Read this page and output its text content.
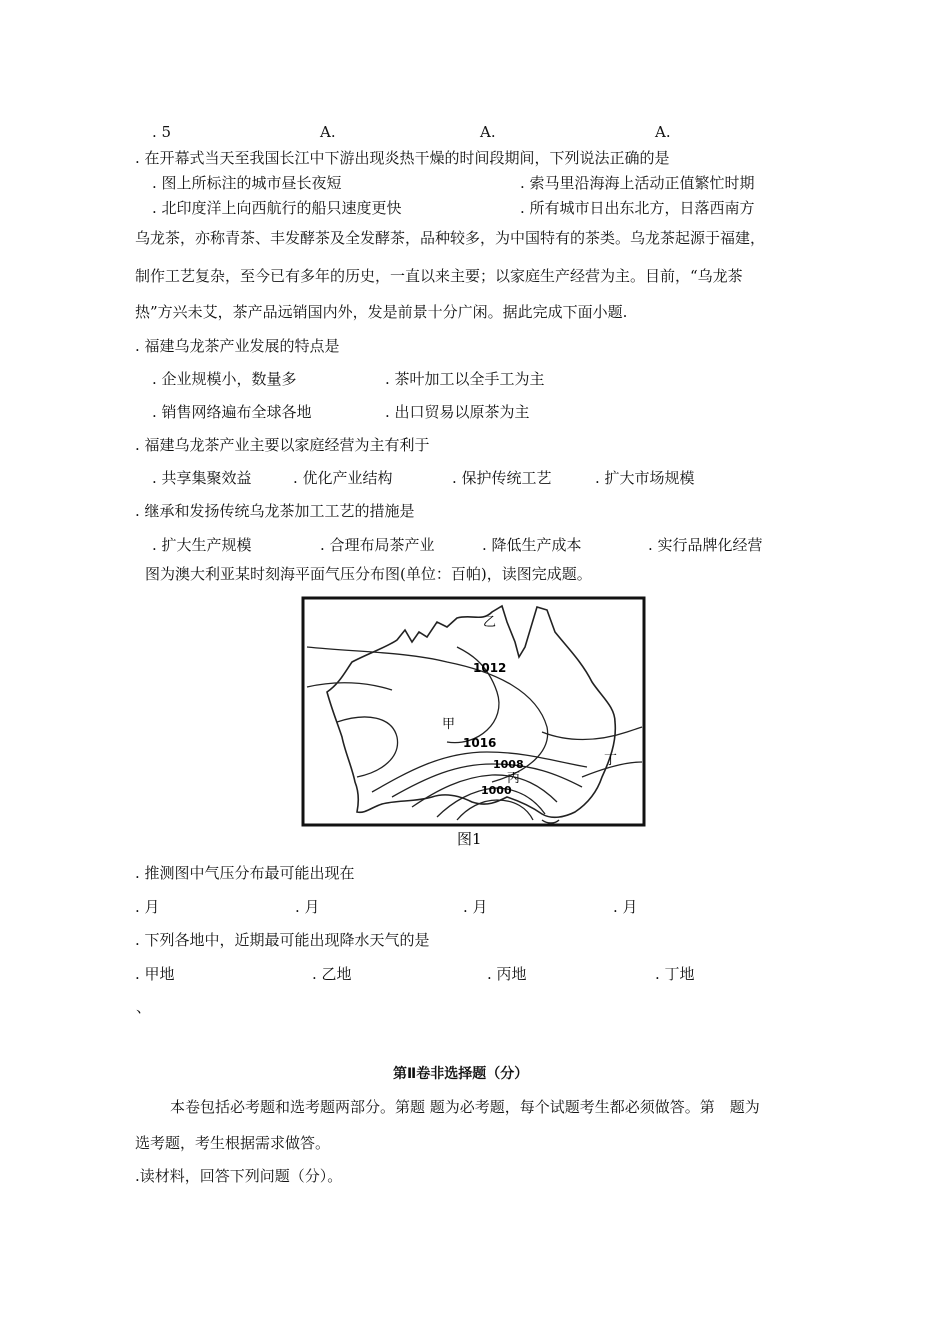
. 5	A.	A.	A.
. 在开幕式当天至我国长江中下游出现炎热干燥的时间段期间，下列说法正确的是
. 图上所标注的城市昼长夜短	. 索马里沿海海上活动正值繁忙时期
. 北印度洋上向西航行的船只速度更快	. 所有城市日出东北方，日落西南方
乌龙茶，亦称青茶、丰发酵茶及全发酵茶，品种较多，为中国特有的茶类。乌龙茶起源于福建，
制作工艺复杂，至今已有多年的历史，一直以来主要；以家庭生产经营为主。目前，“乌龙茶
热”方兴未艾，茶产品远销国内外，发是前景十分广闲。据此完成下面小题.
. 福建乌龙茶产业发展的特点是
. 企业规模小，数量多	. 茶叶加工以全手工为主
. 销售网络遍布全球各地	. 出口贸易以原茶为主
. 福建乌龙茶产业主要以家庭经营为主有利于
. 共享集聚效益	. 优化产业结构	. 保护传统工艺	. 扩大市场规模
. 继承和发扬传统乌龙茶加工工艺的措施是
. 扩大生产规模	. 合理布局茶产业	. 降低生产成本	. 实行品牌化经营
图为澳大利亚某时刻海平面气压分布图(单位：百帕)，读图完成题。
乙
1012
甲
1016
1008
丙
丁
1000
图1
. 推测图中气压分布最可能出现在
. 月	. 月	. 月	. 月
. 下列各地中，近期最可能出现降水天气的是
. 甲地	. 乙地	. 丙地	. 丁地
、
第Ⅱ卷非选择题（分）
本卷包括必考题和选考题两部分。第题 题为必考题，每个试题考生都必须做答。第　题为
选考题，考生根据需求做答。
.读材料，回答下列问题（分）。
